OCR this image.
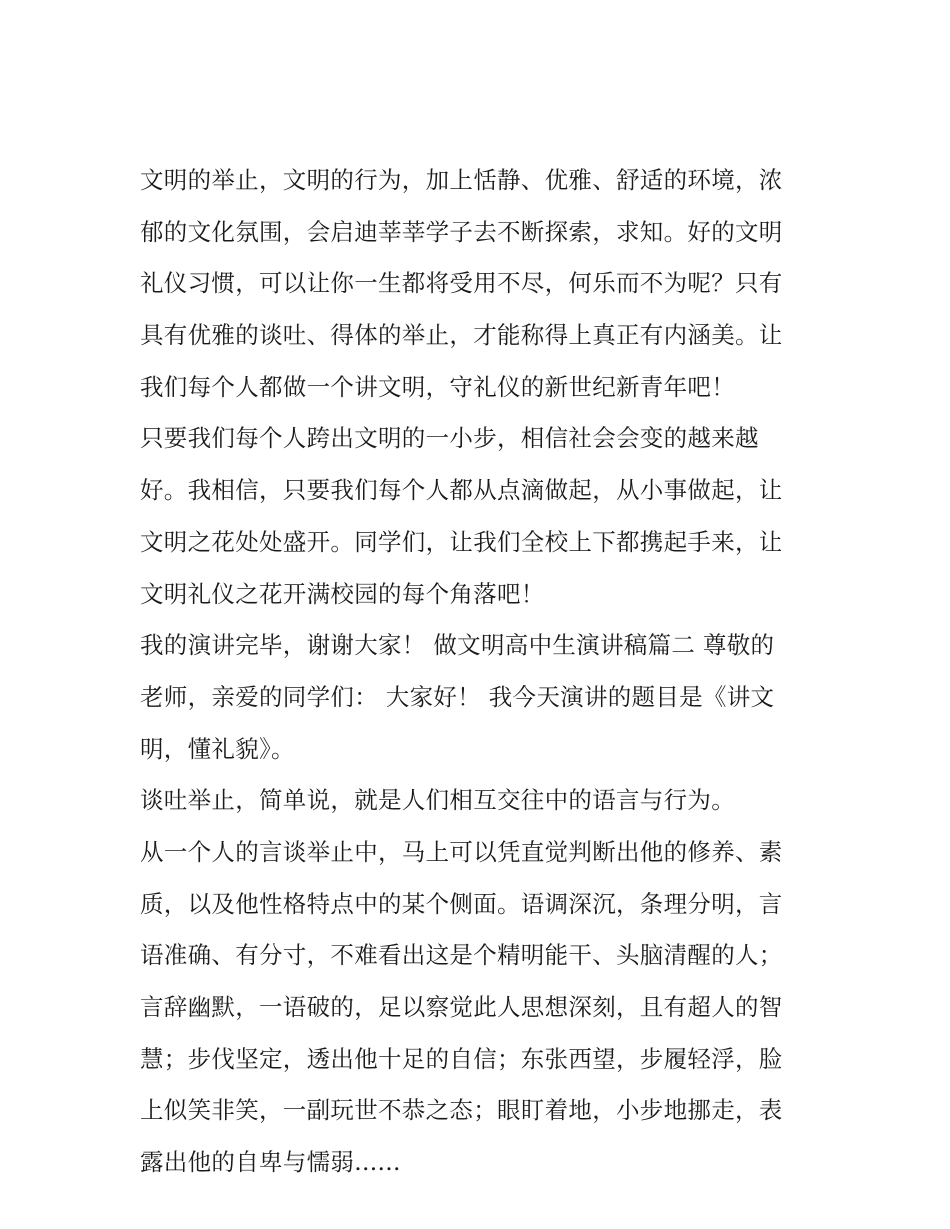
文明的举止，文明的行为，加上恬静、优雅、舒适的环境，浓
郁的文化氛围，会启迪莘莘学子去不断探索，求知。好的文明
礼仪习惯，可以让你一生都将受用不尽，何乐而不为呢？只有
具有优雅的谈吐、得体的举止，才能称得上真正有内涵美。让
我们每个人都做一个讲文明，守礼仪的新世纪新青年吧！
只要我们每个人跨出文明的一小步，相信社会会变的越来越
好。我相信，只要我们每个人都从点滴做起，从小事做起，让
文明之花处处盛开。同学们，让我们全校上下都携起手来，让
文明礼仪之花开满校园的每个角落吧！
我的演讲完毕，谢谢大家！ 做文明高中生演讲稿篇二 尊敬的
老师，亲爱的同学们： 大家好！ 我今天演讲的题目是《讲文
明，懂礼貌》。
谈吐举止，简单说，就是人们相互交往中的语言与行为。
从一个人的言谈举止中，马上可以凭直觉判断出他的修养、素
质，以及他性格特点中的某个侧面。语调深沉，条理分明，言
语准确、有分寸，不难看出这是个精明能干、头脑清醒的人；
言辞幽默，一语破的，足以察觉此人思想深刻，且有超人的智
慧；步伐坚定，透出他十足的自信；东张西望，步履轻浮，脸
上似笑非笑，一副玩世不恭之态；眼盯着地，小步地挪走，表
露出他的自卑与懦弱......
